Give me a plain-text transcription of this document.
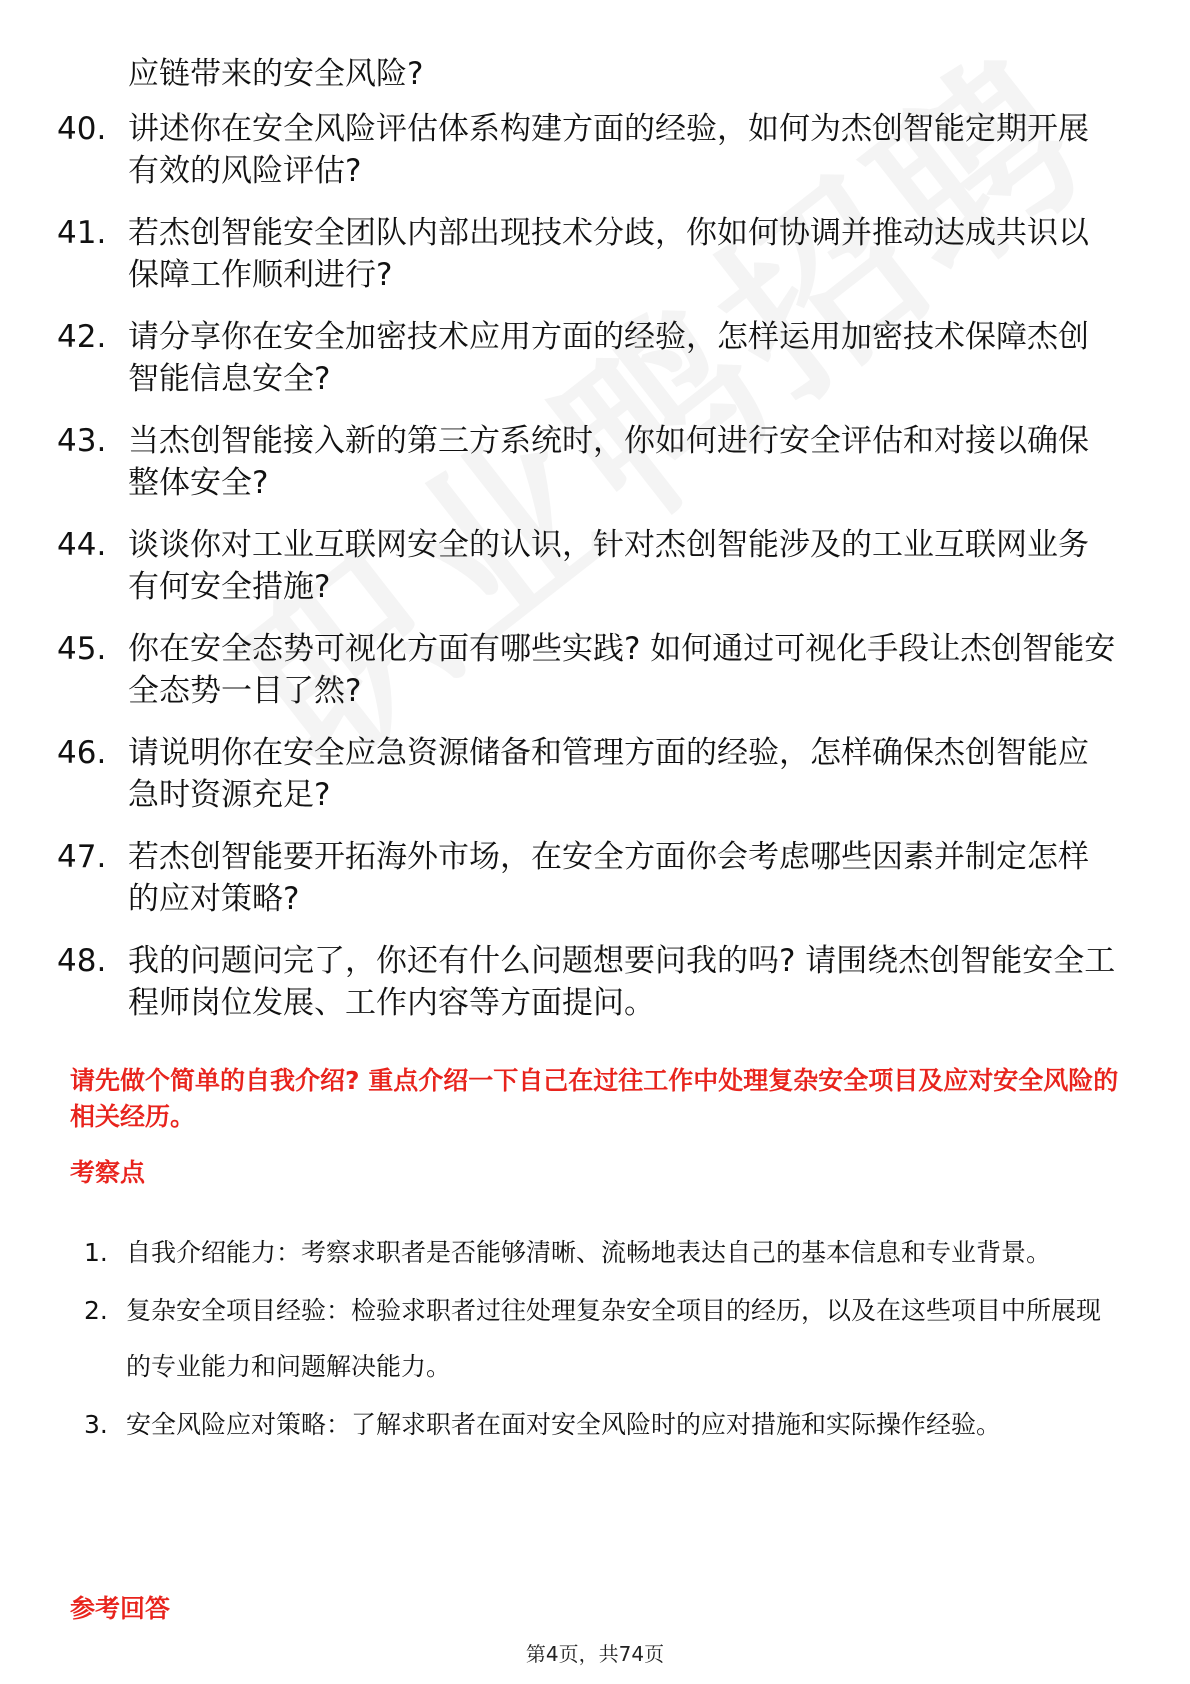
应链带来的安全风险?
40. 讲述你在安全风险评估体系构建方面的经验，如何为杰创智能定期开展有效的风险评估?
41. 若杰创智能安全团队内部出现技术分歧，你如何协调并推动达成共识以保障工作顺利进行?
42. 请分享你在安全加密技术应用方面的经验，怎样运用加密技术保障杰创智能信息安全?
43. 当杰创智能接入新的第三方系统时，你如何进行安全评估和对接以确保整体安全?
44. 谈谈你对工业互联网安全的认识，针对杰创智能涉及的工业互联网业务有何安全措施?
45. 你在安全态势可视化方面有哪些实践? 如何通过可视化手段让杰创智能安全态势一目了然?
46. 请说明你在安全应急资源储备和管理方面的经验，怎样确保杰创智能应急时资源充足?
47. 若杰创智能要开拓海外市场，在安全方面你会考虑哪些因素并制定怎样的应对策略?
48. 我的问题问完了，你还有什么问题想要问我的吗? 请围绕杰创智能安全工程师岗位发展、工作内容等方面提问。
请先做个简单的自我介绍? 重点介绍一下自己在过往工作中处理复杂安全项目及应对安全风险的相关经历。
考察点
1. 自我介绍能力：考察求职者是否能够清晰、流畅地表达自己的基本信息和专业背景。
2. 复杂安全项目经验：检验求职者过往处理复杂安全项目的经历，以及在这些项目中所展现的专业能力和问题解决能力。
3. 安全风险应对策略：了解求职者在面对安全风险时的应对措施和实际操作经验。
参考回答
第4页，共74页
